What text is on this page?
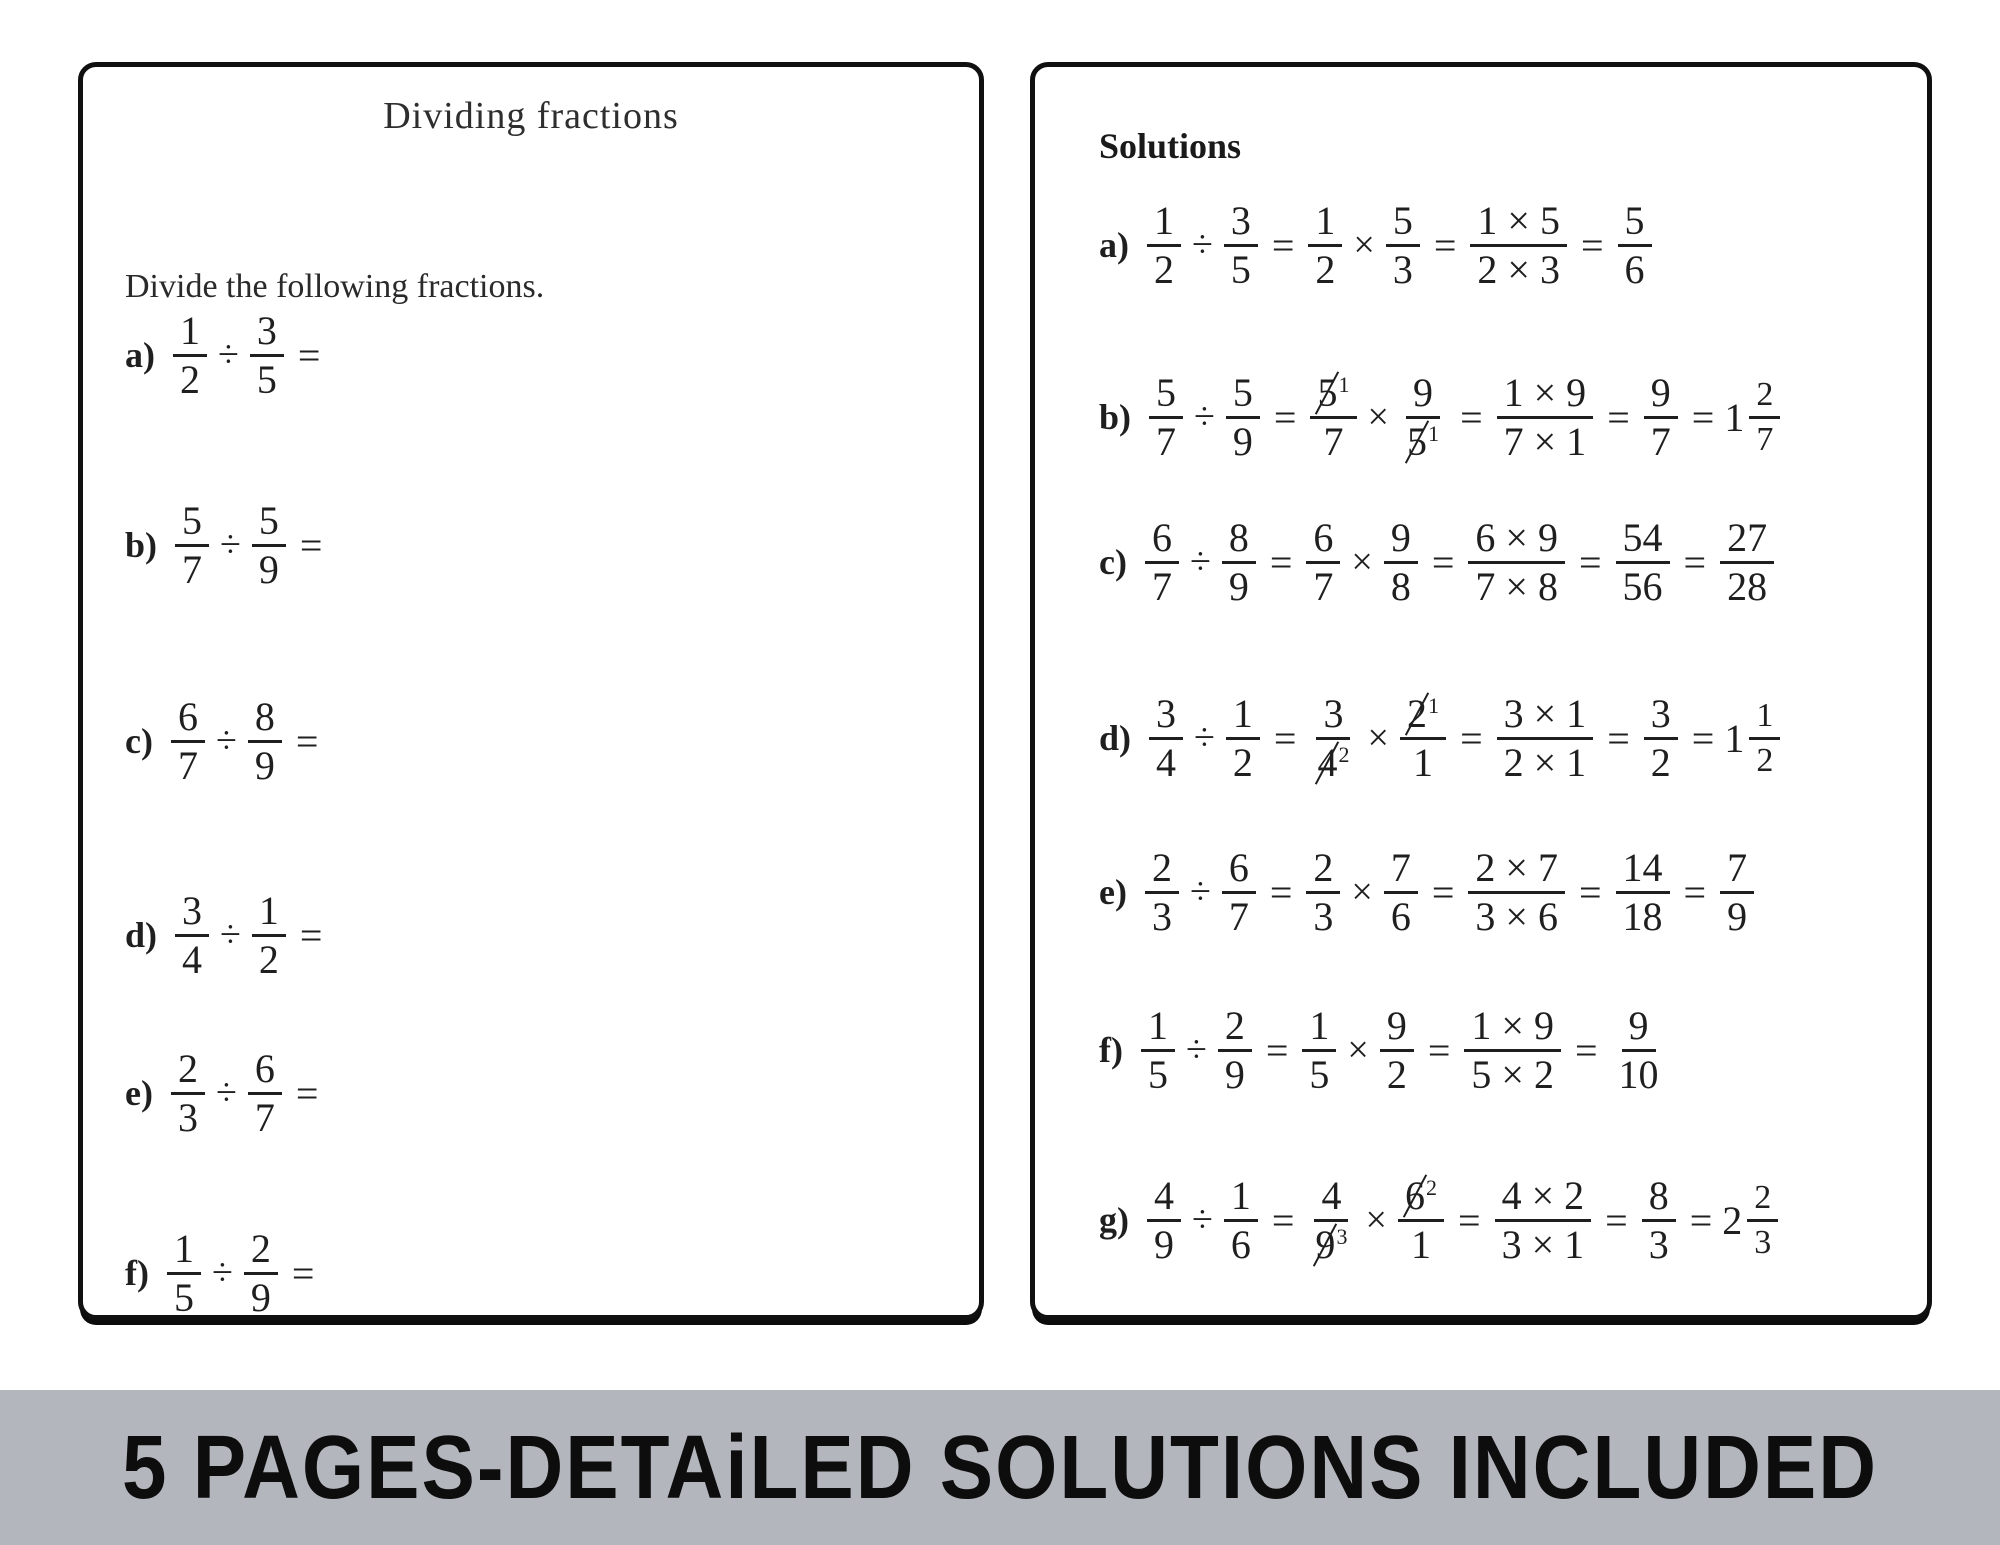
Dividing fractions
Divide the following fractions.
$a) \frac{1}{2} \div \frac{3}{5}$ =
$b) \frac{5}{7} \div \frac{5}{9}$ =
$c) \frac{6}{7} \div \frac{8}{9}$ =
$d) \frac{3}{4} \div \frac{1}{2}$ =
$e) \frac{2}{3} \div \frac{6}{7}$ =
$f) \frac{1}{5} \div \frac{2}{9}$ =
Solutions
$a) \frac{1}{2} \div \frac{3}{5} = \frac{1}{2} \times \frac{5}{3} = \frac{1 \times 5}{2 \times 3} = \frac{5}{6}$
$b) \frac{5}{7} \div \frac{5}{9} = \frac{5^1}{7} \times \frac{9}{5^1} = \frac{1 \times 9}{7 \times 1} = \frac{9}{7} = 1 \frac{2}{7}$
$c) \frac{6}{7} \div \frac{8}{9} = \frac{6}{7} \times \frac{9}{8} = \frac{6 \times 9}{7 \times 8} = \frac{54}{56} = \frac{27}{28}$
$d) \frac{3}{4} \div \frac{1}{2} = \frac{3}{4^2} \times \frac{2^1}{1} = \frac{3 \times 1}{2 \times 1} = \frac{3}{2} = 1 \frac{1}{2}$
$e) \frac{2}{3} \div \frac{6}{7} = \frac{2}{3} \times \frac{7}{6} = \frac{2 \times 7}{3 \times 6} = \frac{14}{18} = \frac{7}{9}$
$f) \frac{1}{5} \div \frac{2}{9} = \frac{1}{5} \times \frac{9}{2} = \frac{1 \times 9}{5 \times 2} = \frac{9}{10}$
$g) \frac{4}{9} \div \frac{1}{6} = \frac{4}{9^3} \times \frac{6^2}{1} = \frac{4 \times 2}{3 \times 1} = \frac{8}{3} = 2 \frac{2}{3}$
5 PAGES-DETAiLED SOLUTIONS INCLUDED
